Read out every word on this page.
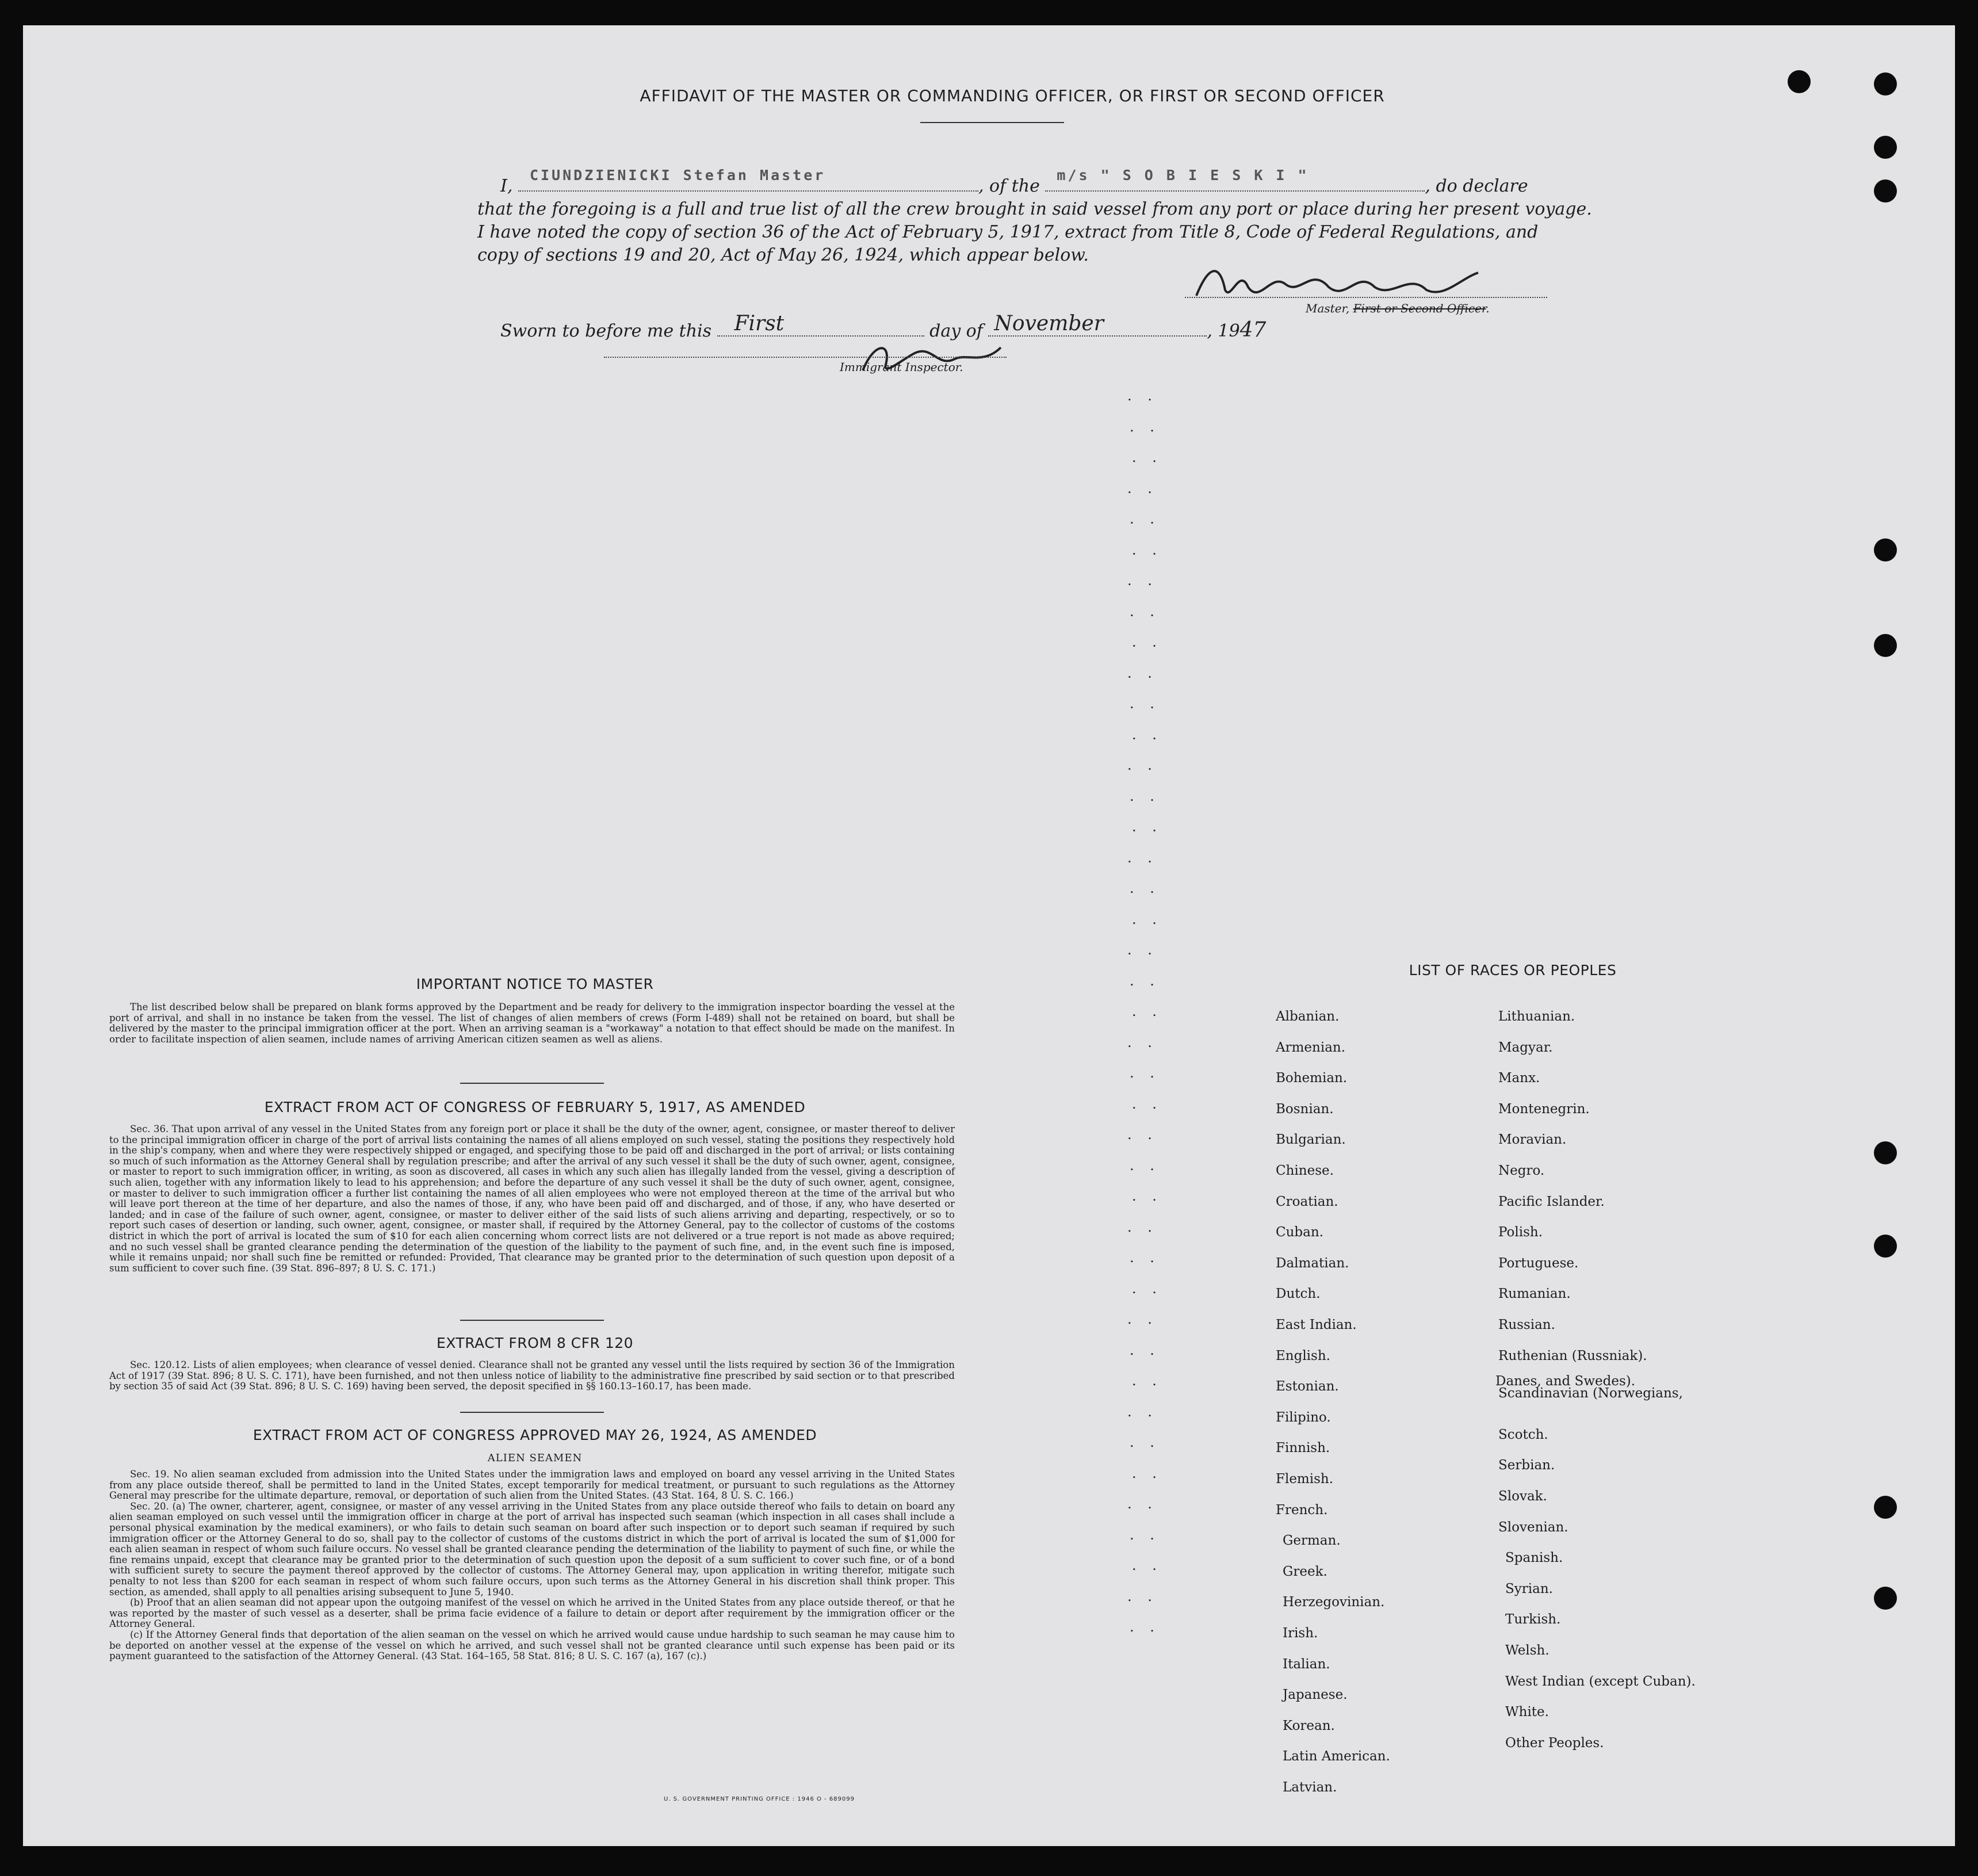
AFFIDAVIT OF THE MASTER OR COMMANDING OFFICER, OR FIRST OR SECOND OFFICER
I,
CIUNDZIENICKI Stefan Master
, of the
m/s " S O B I E S K I "
, do declare
that the foregoing is a full and true list of all the crew brought in said vessel from any port or place during her present voyage.
I have noted the copy of section 36 of the Act of February 5, 1917, extract from Title 8, Code of Federal Regulations, and
copy of sections 19 and 20, Act of May 26, 1924, which appear below.
Master, First or Second Officer.
Sworn to before me this First	day of November	, 1947
Immigrant Inspector.
. .
. .
. .
. .
. .
. .
. .
. .
. .
. .
. .
. .
. .
. .
. .
. .
. .
. .
. .
. .
. .
. .
. .
. .
. .
. .
. .
. .
. .
. .
. .
. .
. .
. .
. .
. .
. .
. .
. .
. .
. .
IMPORTANT NOTICE TO MASTER

The list described below shall be prepared on blank forms approved by the Department and be ready for delivery to the immigration inspector boarding the vessel at the port of arrival, and shall in no instance be taken from the vessel. The list of changes of alien members of crews (Form I-489) shall not be retained on board, but shall be delivered by the master to the principal immigration officer at the port. When an arriving seaman is a "workaway" a notation to that effect should be made on the manifest. In order to facilitate inspection of alien seamen, include names of arriving American citizen seamen as well as aliens.

EXTRACT FROM ACT OF CONGRESS OF FEBRUARY 5, 1917, AS AMENDED

Sec. 36. That upon arrival of any vessel in the United States from any foreign port or place it shall be the duty of the owner, agent, consignee, or master thereof to deliver to the principal immigration officer in charge of the port of arrival lists containing the names of all aliens employed on such vessel, stating the positions they respectively hold in the ship's company, when and where they were respectively shipped or engaged, and specifying those to be paid off and discharged in the port of arrival; or lists containing so much of such information as the Attorney General shall by regulation prescribe; and after the arrival of any such vessel it shall be the duty of such owner, agent, consignee, or master to report to such immigration officer, in writing, as soon as discovered, all cases in which any such alien has illegally landed from the vessel, giving a description of such alien, together with any information likely to lead to his apprehension; and before the departure of any such vessel it shall be the duty of such owner, agent, consignee, or master to deliver to such immigration officer a further list containing the names of all alien employees who were not employed thereon at the time of the arrival but who will leave port thereon at the time of her departure, and also the names of those, if any, who have been paid off and discharged, and of those, if any, who have deserted or landed; and in case of the failure of such owner, agent, consignee, or master to deliver either of the said lists of such aliens arriving and departing, respectively, or so to report such cases of desertion or landing, such owner, agent, consignee, or master shall, if required by the Attorney General, pay to the collector of customs of the costoms district in which the port of arrival is located the sum of $10 for each alien concerning whom correct lists are not delivered or a true report is not made as above required; and no such vessel shall be granted clearance pending the determination of the question of the liability to the payment of such fine, and, in the event such fine is imposed, while it remains unpaid; nor shall such fine be remitted or refunded: Provided, That clearance may be granted prior to the determination of such question upon deposit of a sum sufficient to cover such fine. (39 Stat. 896–897; 8 U. S. C. 171.)

EXTRACT FROM 8 CFR 120

Sec. 120.12. Lists of alien employees; when clearance of vessel denied. Clearance shall not be granted any vessel until the lists required by section 36 of the Immigration Act of 1917 (39 Stat. 896; 8 U. S. C. 171), have been furnished, and not then unless notice of liability to the administrative fine prescribed by said section or to that prescribed by section 35 of said Act (39 Stat. 896; 8 U. S. C. 169) having been served, the deposit specified in §§ 160.13–160.17, has been made.

EXTRACT FROM ACT OF CONGRESS APPROVED MAY 26, 1924, AS AMENDED
ALIEN SEAMEN

Sec. 19. No alien seaman excluded from admission into the United States under the immigration laws and employed on board any vessel arriving in the United States from any place outside thereof, shall be permitted to land in the United States, except temporarily for medical treatment, or pursuant to such regulations as the Attorney General may prescribe for the ultimate departure, removal, or deportation of such alien from the United States. (43 Stat. 164, 8 U. S. C. 166.)

Sec. 20. (a) The owner, charterer, agent, consignee, or master of any vessel arriving in the United States from any place outside thereof who fails to detain on board any alien seaman employed on such vessel until the immigration officer in charge at the port of arrival has inspected such seaman (which inspection in all cases shall include a personal physical examination by the medical examiners), or who fails to detain such seaman on board after such inspection or to deport such seaman if required by such immigration officer or the Attorney General to do so, shall pay to the collector of customs of the customs district in which the port of arrival is located the sum of $1,000 for each alien seaman in respect of whom such failure occurs. No vessel shall be granted clearance pending the determination of the liability to payment of such fine, or while the fine remains unpaid, except that clearance may be granted prior to the determination of such question upon the deposit of a sum sufficient to cover such fine, or of a bond with sufficient surety to secure the payment thereof approved by the collector of customs. The Attorney General may, upon application in writing therefor, mitigate such penalty to not less than $200 for each seaman in respect of whom such failure occurs, upon such terms as the Attorney General in his discretion shall think proper. This section, as amended, shall apply to all penalties arising subsequent to June 5, 1940.

(b) Proof that an alien seaman did not appear upon the outgoing manifest of the vessel on which he arrived in the United States from any place outside thereof, or that he was reported by the master of such vessel as a deserter, shall be prima facie evidence of a failure to detain or deport after requirement by the immigration officer or the Attorney General.

(c) If the Attorney General finds that deportation of the alien seaman on the vessel on which he arrived would cause undue hardship to such seaman he may cause him to be deported on another vessel at the expense of the vessel on which he arrived, and such vessel shall not be granted clearance until such expense has been paid or its payment guaranteed to the satisfaction of the Attorney General. (43 Stat. 164–165, 58 Stat. 816; 8 U. S. C. 167 (a), 167 (c).)

U. S. GOVERNMENT PRINTING OFFICE : 1946 O - 689099
LIST OF RACES OR PEOPLES
Albanian.
Armenian.
Bohemian.
Bosnian.
Bulgarian.
Chinese.
Croatian.
Cuban.
Dalmatian.
Dutch.
East Indian.
English.
Estonian.
Filipino.
Finnish.
Flemish.
French.
German.
Greek.
Herzegovinian.
Irish.
Italian.
Japanese.
Korean.
Latin American.
Latvian.
Lithuanian.
Magyar.
Manx.
Montenegrin.
Moravian.
Negro.
Pacific Islander.
Polish.
Portuguese.
Rumanian.
Russian.
Ruthenian (Russniak).
Scandinavian (Norwegians,
Danes, and Swedes).
Scotch.
Serbian.
Slovak.
Slovenian.
Spanish.
Syrian.
Turkish.
Welsh.
West Indian (except Cuban).
White.
Other Peoples.
